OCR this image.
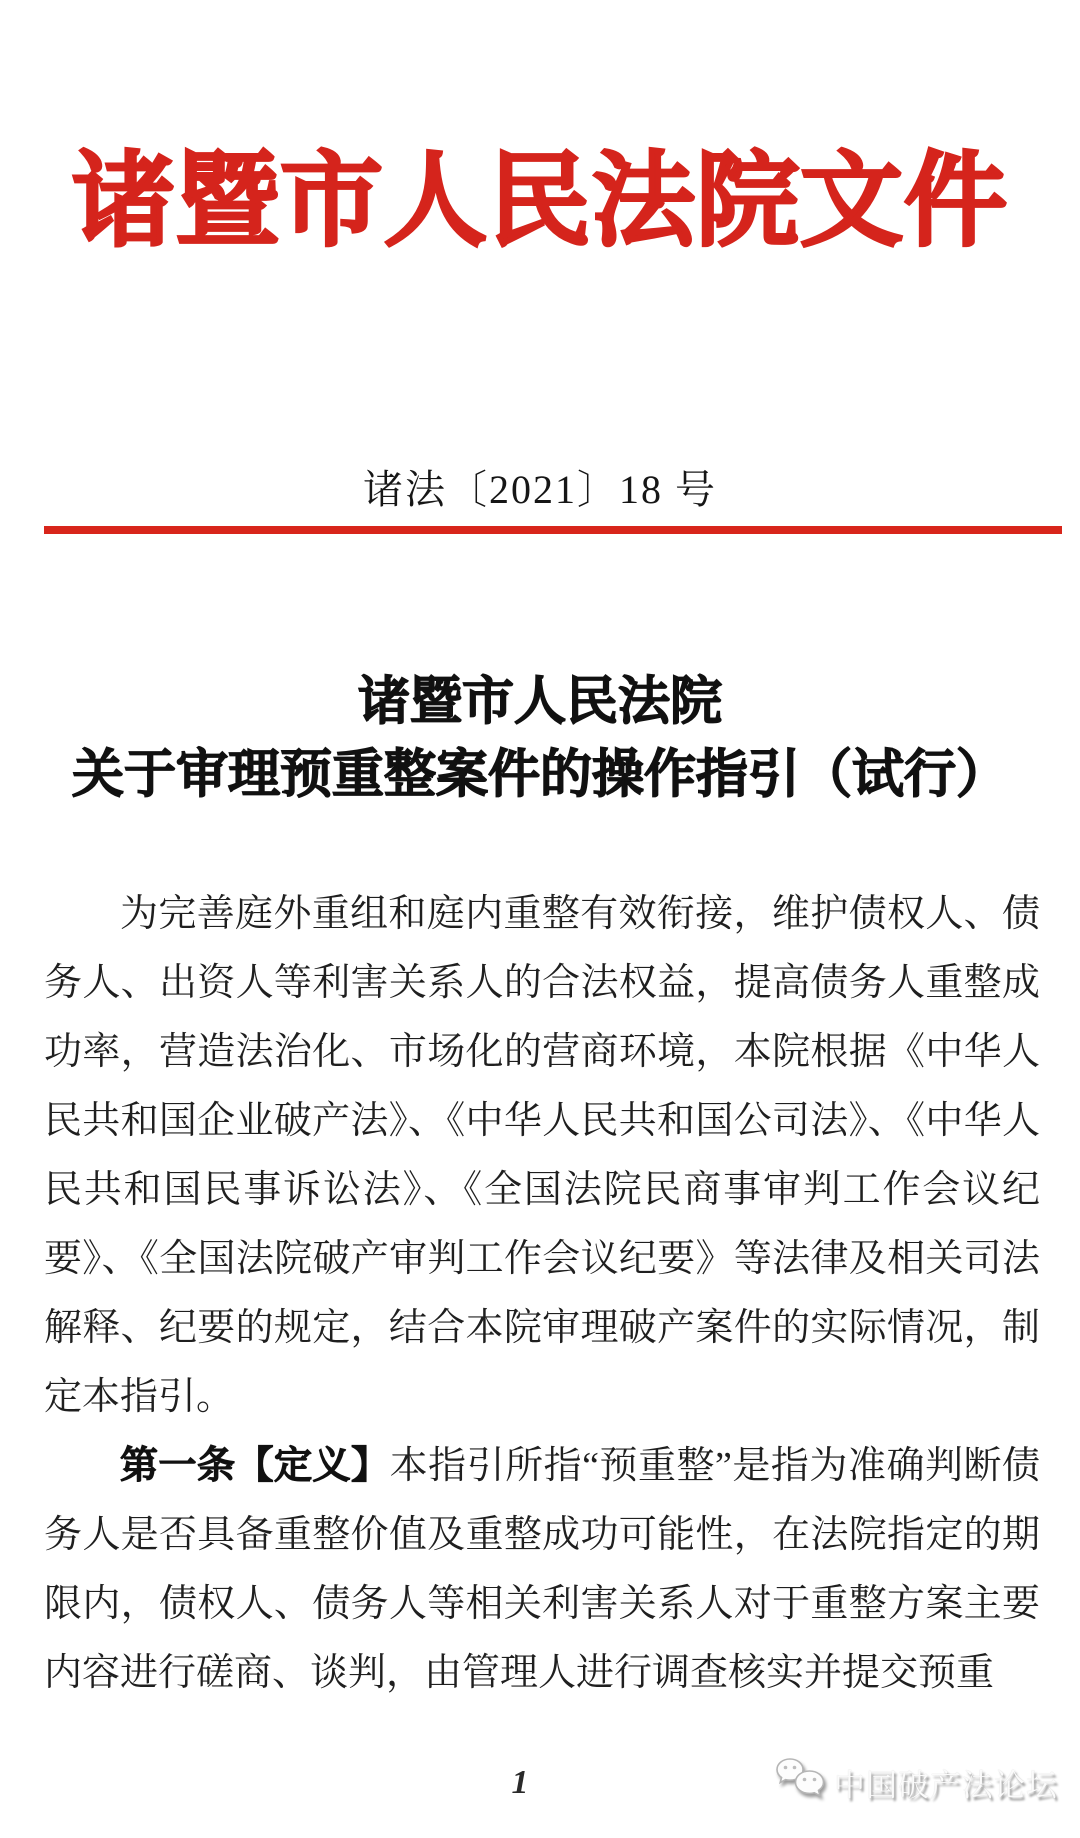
诸暨市人民法院文件
诸法〔2021〕18 号
诸暨市人民法院
关于审理预重整案件的操作指引（试行）

为完善庭外重组和庭内重整有效衔接，维护债权人、债务人、出资人等利害关系人的合法权益，提高债务人重整成功率，营造法治化、市场化的营商环境，本院根据《中华人民共和国企业破产法》、《中华人民共和国公司法》、《中华人民共和国民事诉讼法》、《全国法院民商事审判工作会议纪要》、《全国法院破产审判工作会议纪要》等法律及相关司法解释、纪要的规定，结合本院审理破产案件的实际情况，制定本指引。

第一条【定义】本指引所指“预重整”是指为准确判断债务人是否具备重整价值及重整成功可能性，在法院指定的期限内，债权人、债务人等相关利害关系人对于重整方案主要内容进行磋商、谈判，由管理人进行调查核实并提交预重

1	中国破产法论坛
